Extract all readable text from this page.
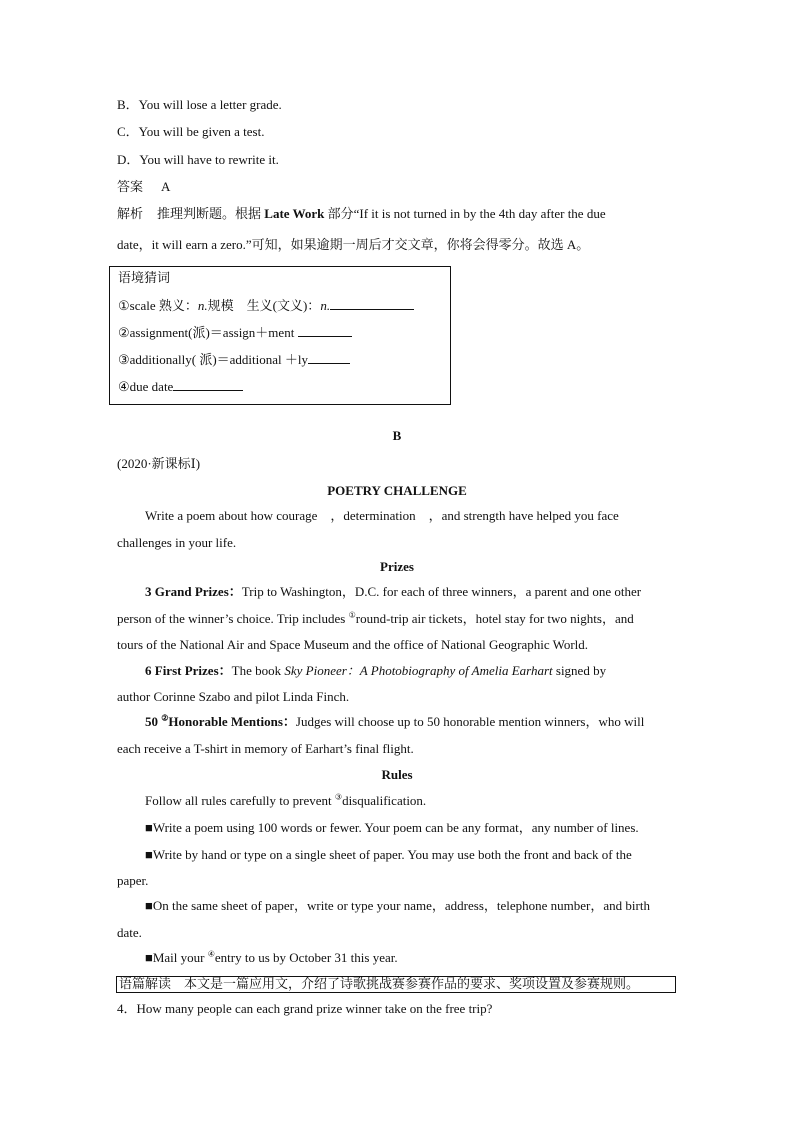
B．You will lose a letter grade.
C．You will be given a test.
D．You will have to rewrite it.
答案 A
解析 推理判断题。根据 Late Work 部分“If it is not turned in by the 4th day after the due
date，it will earn a zero.”可知，如果逾期一周后才交文章，你将会得零分。故选 A。
语境猜词
①scale 熟义：n.规模　生义(文义)：n.
②assignment(派)＝assign＋ment
③additionally( 派)＝additional ＋ly
④due date
B
(2020·新课标Ⅰ)
POETRY CHALLENGE
Write a poem about how courage　，determination　，and strength have helped you face
challenges in your life.
Prizes
3 Grand Prizes：Trip to Washington，D.C. for each of three winners，a parent and one other
person of the winner’s choice. Trip includes ①round-trip air tickets，hotel stay for two nights，and
tours of the National Air and Space Museum and the office of National Geographic World.
6 First Prizes：The book Sky Pioneer：A Photobiography of Amelia Earhart signed by
author Corinne Szabo and pilot Linda Finch.
50 ②Honorable Mentions：Judges will choose up to 50 honorable mention winners，who will
each receive a T-shirt in memory of Earhart’s final flight.
Rules
Follow all rules carefully to prevent ③disqualification.
■Write a poem using 100 words or fewer. Your poem can be any format，any number of lines.
■Write by hand or type on a single sheet of paper. You may use both the front and back of the
paper.
■On the same sheet of paper，write or type your name，address，telephone number，and birth
date.
■Mail your ④entry to us by October 31 this year.
语篇解读　本文是一篇应用文，介绍了诗歌挑战赛参赛作品的要求、奖项设置及参赛规则。
4．How many people can each grand prize winner take on the free trip?
